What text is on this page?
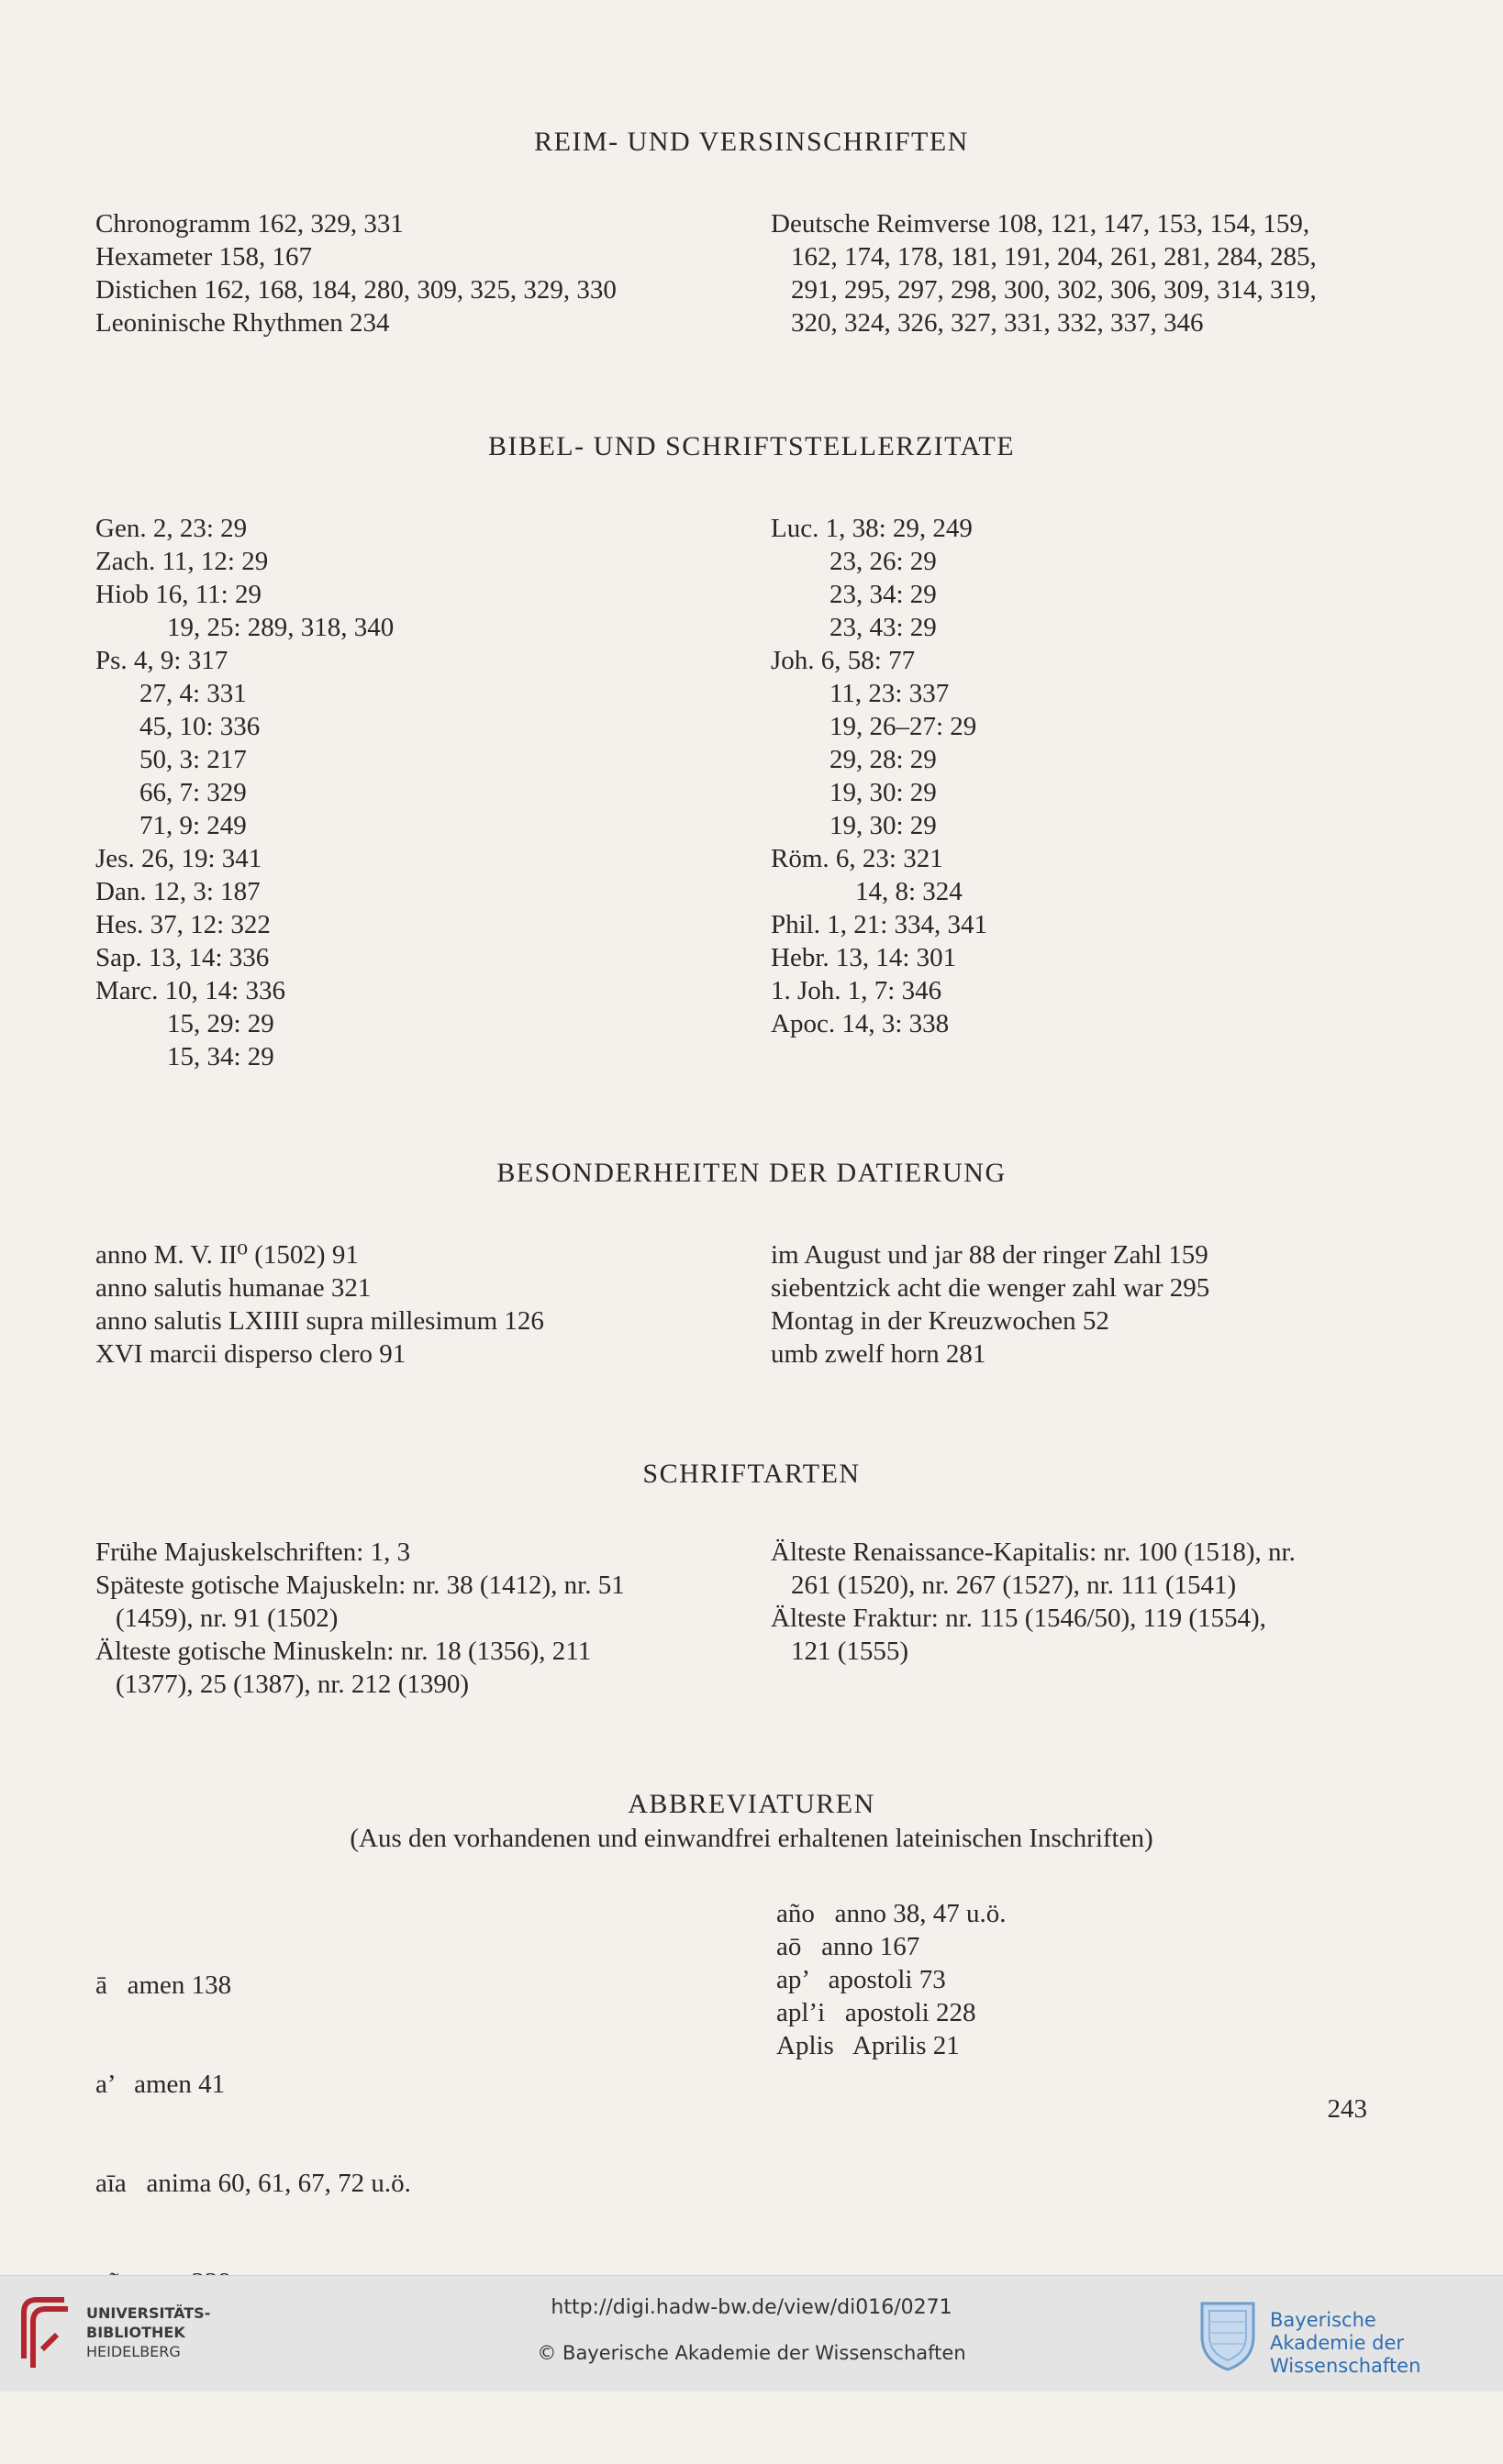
REIM- UND VERSINSCHRIFTEN
Chronogramm 162, 329, 331
Hexameter 158, 167
Distichen 162, 168, 184, 280, 309, 325, 329, 330
Leoninische Rhythmen 234
Deutsche Reimverse 108, 121, 147, 153, 154, 159,
162, 174, 178, 181, 191, 204, 261, 281, 284, 285,
291, 295, 297, 298, 300, 302, 306, 309, 314, 319,
320, 324, 326, 327, 331, 332, 337, 346
BIBEL- UND SCHRIFTSTELLERZITATE
Gen. 2, 23: 29
Zach. 11, 12: 29
Hiob 16, 11: 29
19, 25: 289, 318, 340
Ps. 4, 9: 317
27, 4: 331
45, 10: 336
50, 3: 217
66, 7: 329
71, 9: 249
Jes. 26, 19: 341
Dan. 12, 3: 187
Hes. 37, 12: 322
Sap. 13, 14: 336
Marc. 10, 14: 336
15, 29: 29
15, 34: 29
Luc. 1, 38: 29, 249
23, 26: 29
23, 34: 29
23, 43: 29
Joh. 6, 58: 77
11, 23: 337
19, 26–27: 29
29, 28: 29
19, 30: 29
19, 30: 29
Röm. 6, 23: 321
14, 8: 324
Phil. 1, 21: 334, 341
Hebr. 13, 14: 301
1. Joh. 1, 7: 346
Apoc. 14, 3: 338
BESONDERHEITEN DER DATIERUNG
anno M. V. II⁰ (1502) 91
anno salutis humanae 321
anno salutis LXIIII supra millesimum 126
XVI marcii disperso clero 91
im August und jar 88 der ringer Zahl 159
siebentzick acht die wenger zahl war 295
Montag in der Kreuzwochen 52
umb zwelf horn 281
SCHRIFTARTEN
Frühe Majuskelschriften: 1, 3
Späteste gotische Majuskeln: nr. 38 (1412), nr. 51
(1459), nr. 91 (1502)
Älteste gotische Minuskeln: nr. 18 (1356), 211
(1377), 25 (1387), nr. 212 (1390)
Älteste Renaissance-Kapitalis: nr. 100 (1518), nr.
261 (1520), nr. 267 (1527), nr. 111 (1541)
Älteste Fraktur: nr. 115 (1546/50), 119 (1554),
121 (1555)
ABBREVIATUREN
(Aus den vorhandenen und einwandfrei erhaltenen lateinischen Inschriften)

ā   amen 138

a’   amen 41

aīa   anima 60, 61, 67, 72 u.ö.

año   anno 38, 47 u.ö.
aō   anno 167
ap’   apostoli 73
apl’i   apostoli 228
Aplis   Aprilis 21
243
UNIVERSITÄTS-
BIBLIOTHEK
HEIDELBERG
http://digi.hadw-bw.de/view/di016/0271
© Bayerische Akademie der Wissenschaften
Bayerische
Akademie der Wissenschaften
